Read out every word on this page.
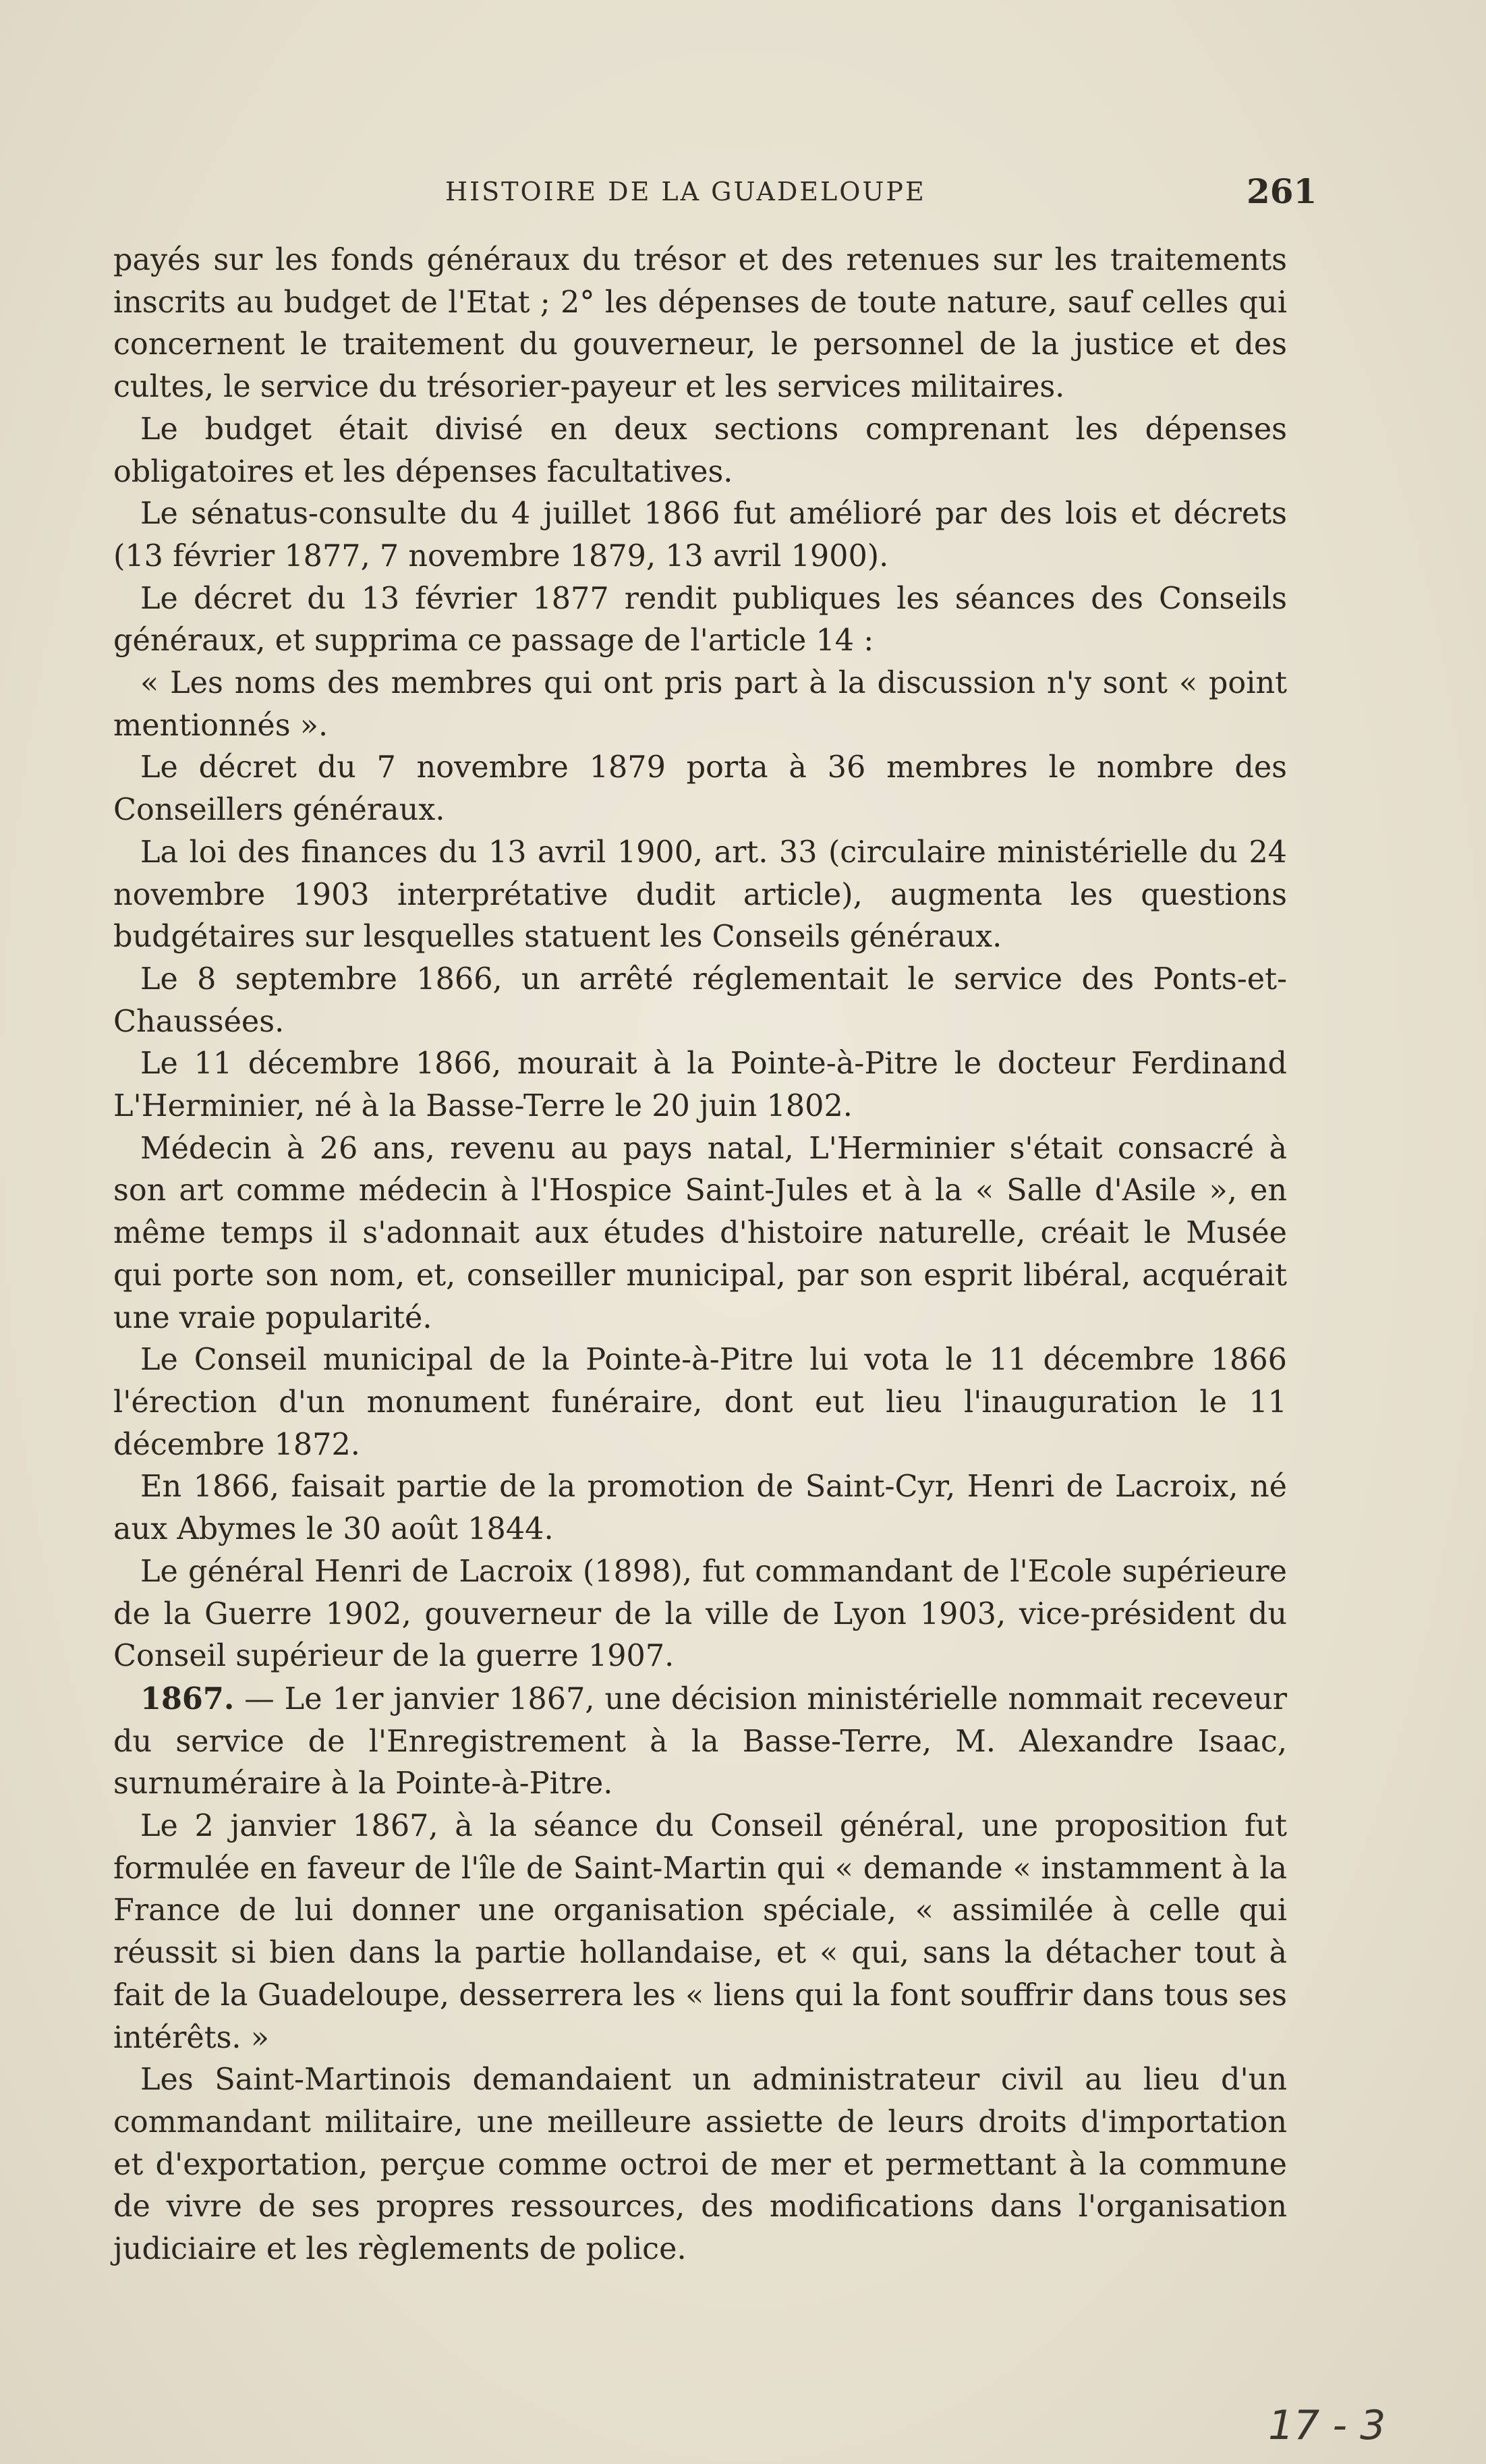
HISTOIRE DE LA GUADELOUPE	261

payés sur les fonds généraux du trésor et des retenues sur les traitements inscrits au budget de l'Etat ; 2° les dépenses de toute nature, sauf celles qui concernent le traitement du gouverneur, le personnel de la justice et des cultes, le service du trésorier-payeur et les services militaires.

Le budget était divisé en deux sections comprenant les dépenses obligatoires et les dépenses facultatives.

Le sénatus-consulte du 4 juillet 1866 fut amélioré par des lois et décrets (13 février 1877, 7 novembre 1879, 13 avril 1900).

Le décret du 13 février 1877 rendit publiques les séances des Conseils généraux, et supprima ce passage de l'article 14 :

« Les noms des membres qui ont pris part à la discussion n'y sont « point mentionnés ».

Le décret du 7 novembre 1879 porta à 36 membres le nombre des Conseillers généraux.

La loi des finances du 13 avril 1900, art. 33 (circulaire ministérielle du 24 novembre 1903 interprétative dudit article), augmenta les questions budgétaires sur lesquelles statuent les Conseils généraux.

Le 8 septembre 1866, un arrêté réglementait le service des Ponts-et-Chaussées.

Le 11 décembre 1866, mourait à la Pointe-à-Pitre le docteur Ferdinand L'Herminier, né à la Basse-Terre le 20 juin 1802.

Médecin à 26 ans, revenu au pays natal, L'Herminier s'était consacré à son art comme médecin à l'Hospice Saint-Jules et à la « Salle d'Asile », en même temps il s'adonnait aux études d'histoire naturelle, créait le Musée qui porte son nom, et, conseiller municipal, par son esprit libéral, acquérait une vraie popularité.

Le Conseil municipal de la Pointe-à-Pitre lui vota le 11 décembre 1866 l'érection d'un monument funéraire, dont eut lieu l'inauguration le 11 décembre 1872.

En 1866, faisait partie de la promotion de Saint-Cyr, Henri de Lacroix, né aux Abymes le 30 août 1844.

Le général Henri de Lacroix (1898), fut commandant de l'Ecole supérieure de la Guerre 1902, gouverneur de la ville de Lyon 1903, vice-président du Conseil supérieur de la guerre 1907.

1867. — Le 1er janvier 1867, une décision ministérielle nommait receveur du service de l'Enregistrement à la Basse-Terre, M. Alexandre Isaac, surnuméraire à la Pointe-à-Pitre.

Le 2 janvier 1867, à la séance du Conseil général, une proposition fut formulée en faveur de l'île de Saint-Martin qui « demande « instamment à la France de lui donner une organisation spéciale, « assimilée à celle qui réussit si bien dans la partie hollandaise, et « qui, sans la détacher tout à fait de la Guadeloupe, desserrera les « liens qui la font souffrir dans tous ses intérêts. »

Les Saint-Martinois demandaient un administrateur civil au lieu d'un commandant militaire, une meilleure assiette de leurs droits d'importation et d'exportation, perçue comme octroi de mer et permettant à la commune de vivre de ses propres ressources, des modifications dans l'organisation judiciaire et les règlements de police.

17 - 3
